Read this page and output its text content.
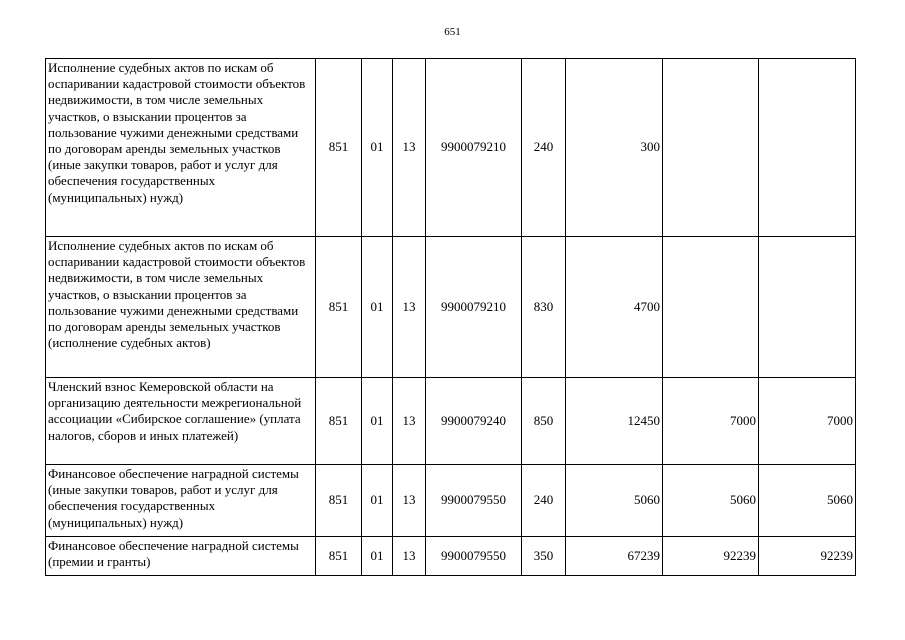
651
Исполнение судебных актов по искам об оспаривании кадастровой стоимости объектов недвижимости, в том числе земельных участков, о взыскании процентов за пользование чужими денежными средствами по договорам аренды земельных участков (иные закупки товаров, работ и услуг для обеспечения государственных (муниципальных) нужд)	851	01	13	9900079210	240	300		
Исполнение судебных актов по искам об оспаривании кадастровой стоимости объектов недвижимости, в том числе земельных участков, о взыскании процентов за пользование чужими денежными средствами по договорам аренды земельных участков (исполнение судебных актов)	851	01	13	9900079210	830	4700		
Членский взнос Кемеровской области на организацию деятельности межрегиональной ассоциации «Сибирское соглашение» (уплата налогов, сборов и иных платежей)	851	01	13	9900079240	850	12450	7000	7000
Финансовое обеспечение наградной системы (иные закупки товаров, работ и услуг для обеспечения государственных (муниципальных) нужд)	851	01	13	9900079550	240	5060	5060	5060
Финансовое обеспечение наградной системы (премии и гранты)	851	01	13	9900079550	350	67239	92239	92239
